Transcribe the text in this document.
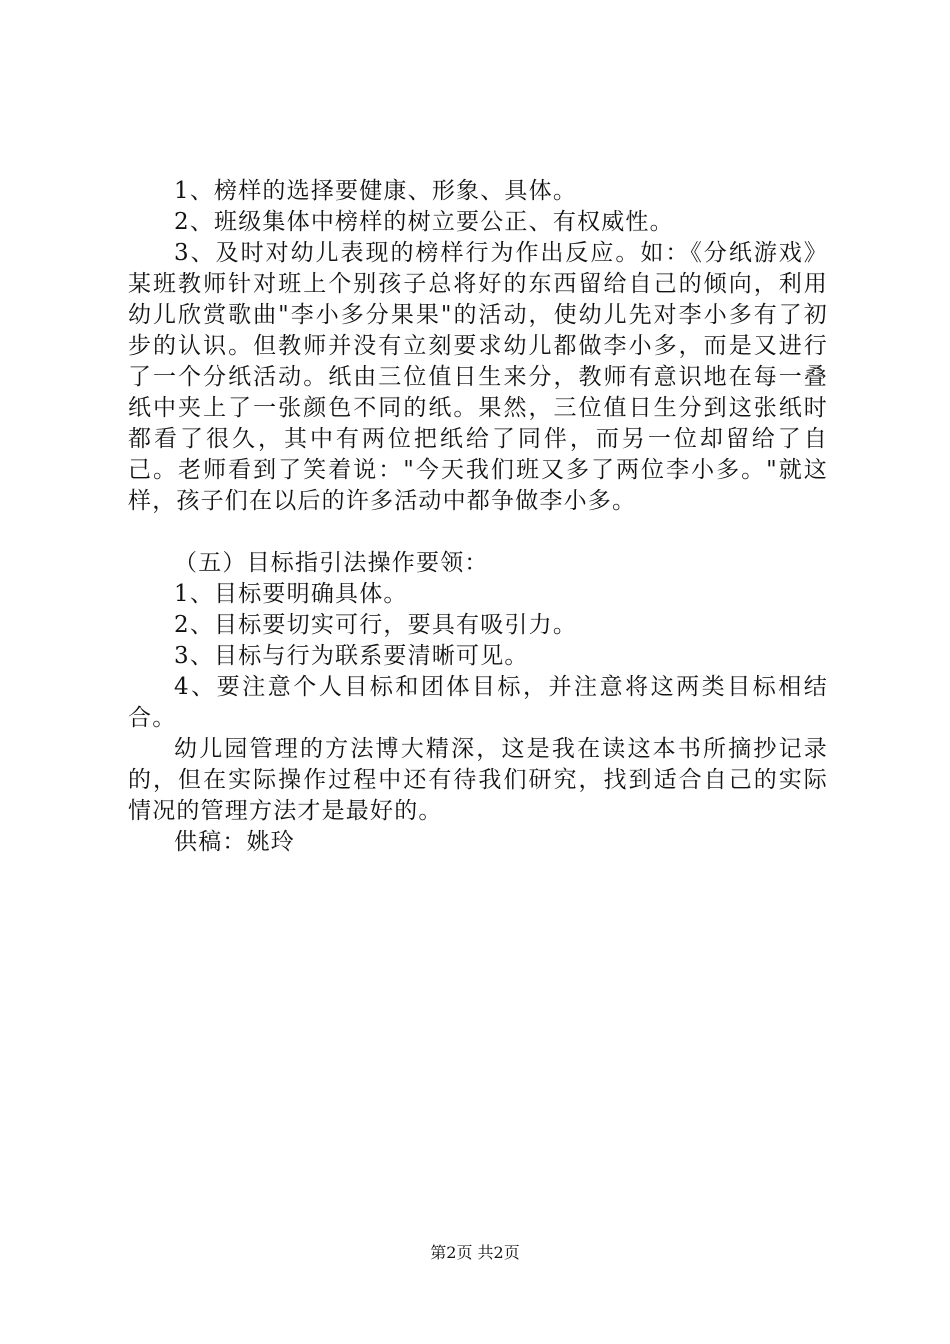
1、榜样的选择要健康、形象、具体。

2、班级集体中榜样的树立要公正、有权威性。

3、及时对幼儿表现的榜样行为作出反应。如：《分纸游戏》某班教师针对班上个别孩子总将好的东西留给自己的倾向，利用幼儿欣赏歌曲"李小多分果果"的活动，使幼儿先对李小多有了初步的认识。但教师并没有立刻要求幼儿都做李小多，而是又进行了一个分纸活动。纸由三位值日生来分，教师有意识地在每一叠纸中夹上了一张颜色不同的纸。果然，三位值日生分到这张纸时都看了很久，其中有两位把纸给了同伴，而另一位却留给了自己。老师看到了笑着说："今天我们班又多了两位李小多。"就这样，孩子们在以后的许多活动中都争做李小多。

（五）目标指引法操作要领：

1、目标要明确具体。

2、目标要切实可行，要具有吸引力。

3、目标与行为联系要清晰可见。

4、要注意个人目标和团体目标，并注意将这两类目标相结合。

幼儿园管理的方法博大精深，这是我在读这本书所摘抄记录的，但在实际操作过程中还有待我们研究，找到适合自己的实际情况的管理方法才是最好的。

供稿：姚玲

第2页 共2页
